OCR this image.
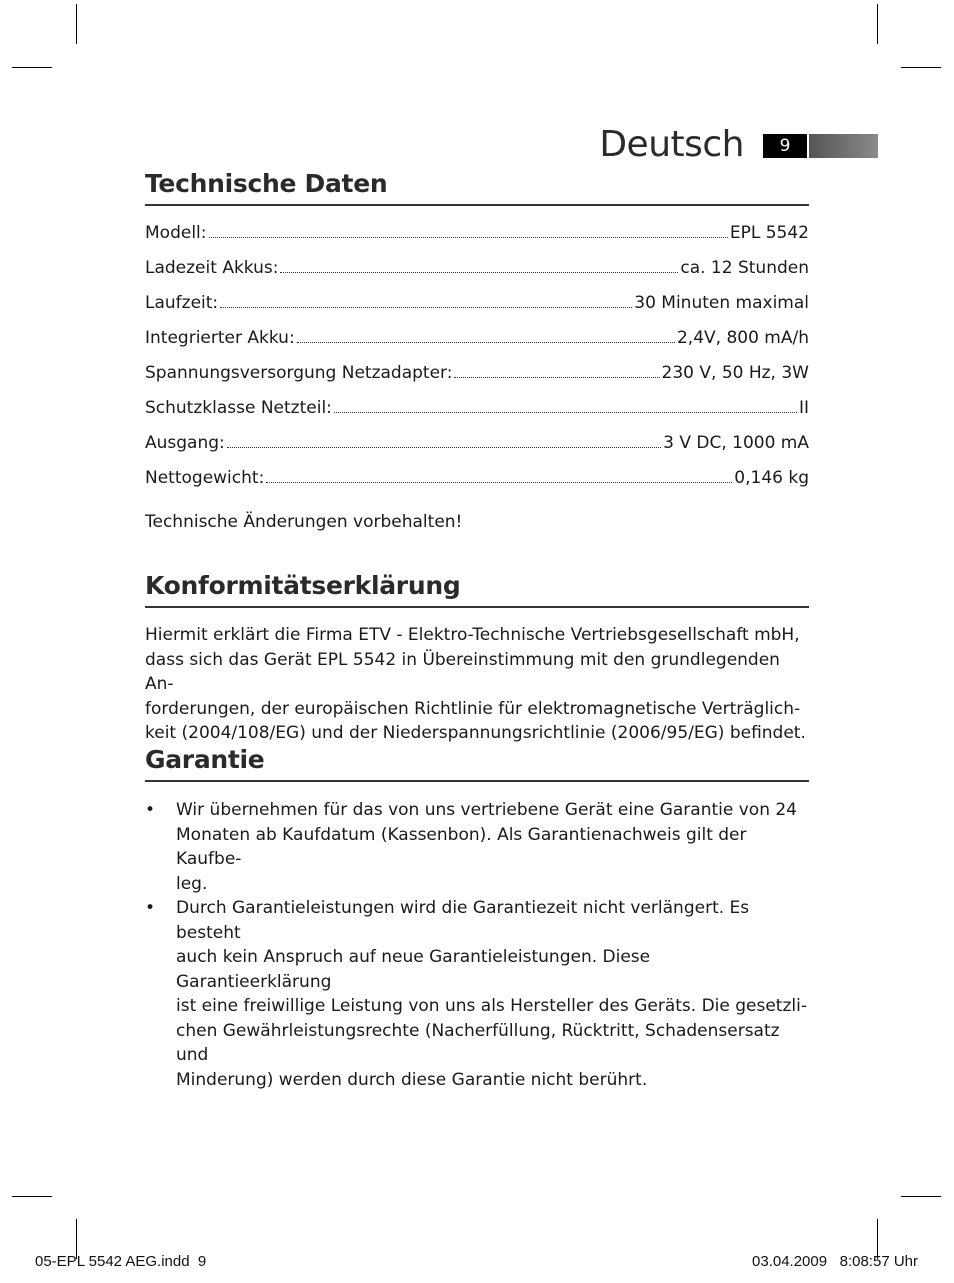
Deutsch	9
Technische Daten
Modell:	EPL 5542
Ladezeit Akkus:	ca. 12 Stunden
Laufzeit:	30 Minuten maximal
Integrierter Akku:	2,4V, 800 mA/h
Spannungsversorgung Netzadapter:	230 V, 50 Hz, 3W
Schutzklasse Netzteil:	II
Ausgang:	3 V DC, 1000 mA
Nettogewicht:	0,146 kg

Technische Änderungen vorbehalten!

Konformitätserklärung

Hiermit erklärt die Firma ETV - Elektro-Technische Vertriebsgesellschaft mbH,

dass sich das Gerät EPL 5542 in Übereinstimmung mit den grundlegenden An-

forderungen, der europäischen Richtlinie für elektromagnetische Verträglich-

keit (2004/108/EG) und der Niederspannungsrichtlinie (2006/95/EG) befindet.

Garantie
• Wir übernehmen für das von uns vertriebene Gerät eine Garantie von 24
Monaten ab Kaufdatum (Kassenbon). Als Garantienachweis gilt der Kaufbe-
leg.
• Durch Garantieleistungen wird die Garantiezeit nicht verlängert. Es besteht
auch kein Anspruch auf neue Garantieleistungen. Diese Garantieerklärung
ist eine freiwillige Leistung von uns als Hersteller des Geräts. Die gesetzli-
chen Gewährleistungsrechte (Nacherfüllung, Rücktritt, Schadensersatz und
Minderung) werden durch diese Garantie nicht berührt.
05-EPL 5542 AEG.indd 9	03.04.2009 8:08:57 Uhr
